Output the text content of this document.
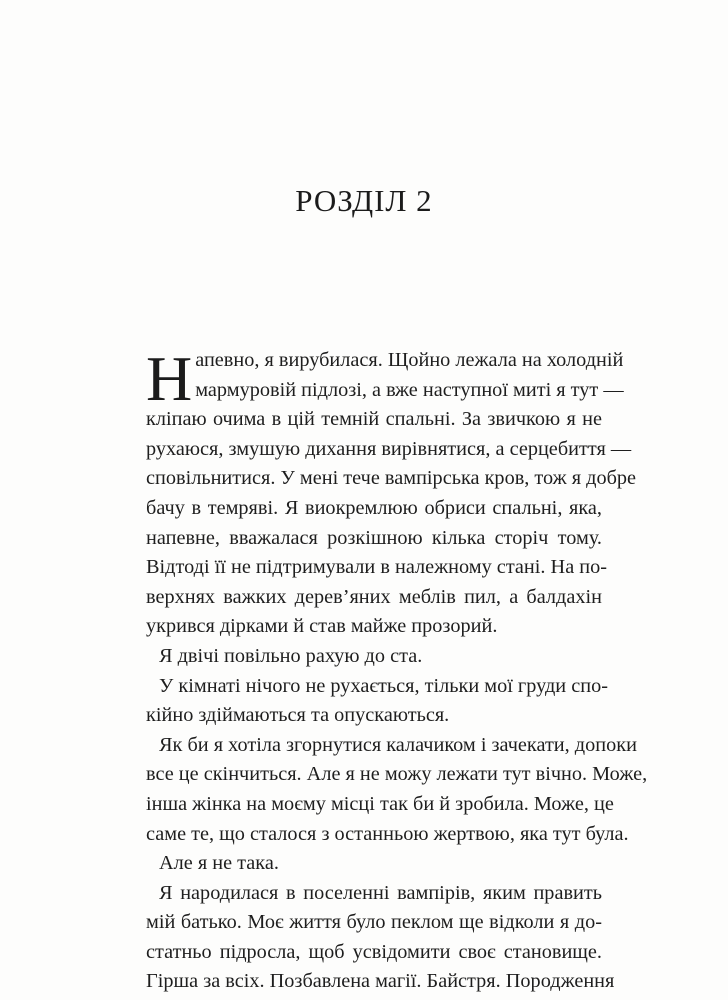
РОЗДІЛ 2

Н апевно, я вирубилася. Щойно лежала на холодній
мармуровій підлозі, а вже наступної миті я тут —
кліпаю очима в цій темній спальні. За звичкою я не
рухаюся, змушую дихання вирівнятися, а серцебиття —
сповільнитися. У мені тече вампірська кров, тож я добре
бачу в темряві. Я виокремлюю обриси спальні, яка,
напевне, вважалася розкішною кілька сторіч тому.
Відтоді її не підтримували в належному стані. На по-
верхнях важких дерев’яних меблів пил, а балдахін
укрився дірками й став майже прозорий.

Я двічі повільно рахую до ста.

У кімнаті нічого не рухається, тільки мої груди спо-
кійно здіймаються та опускаються.

Як би я хотіла згорнутися калачиком і зачекати, допоки
все це скінчиться. Але я не можу лежати тут вічно. Може,
інша жінка на моєму місці так би й зробила. Може, це
саме те, що сталося з останньою жертвою, яка тут була.

Але я не така.

Я народилася в поселенні вампірів, яким править
мій батько. Моє життя було пеклом ще відколи я до-
статньо підросла, щоб усвідомити своє становище.
Гірша за всіх. Позбавлена магії. Байстря. Породження
